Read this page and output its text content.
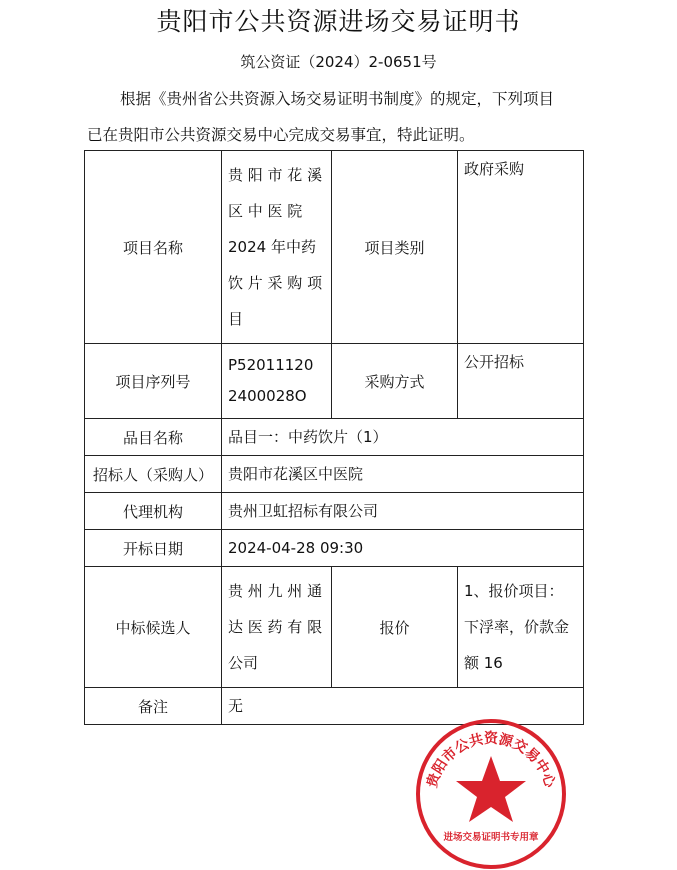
贵阳市公共资源进场交易证明书
筑公资证（2024）2-0651号
根据《贵州省公共资源入场交易证明书制度》的规定，下列项目
已在贵阳市公共资源交易中心完成交易事宜，特此证明。
项目名称	贵 阳 市 花 溪
区 中 医 院
2024 年中药
饮 片 采 购 项
目	项目类别	政府采购
项目序列号	P52011120
2400028O	采购方式	公开招标
品目名称	品目一：中药饮片（1）		
招标人（采购人）	贵阳市花溪区中医院		
代理机构	贵州卫虹招标有限公司		
开标日期	2024-04-28 09:30		
中标候选人	贵 州 九 州 通
达 医 药 有 限
公司	报价	1、报价项目：
下浮率，价款金
额 16

备注	无		
贵阳市公共资源交易中心
进场交易证明书专用章
